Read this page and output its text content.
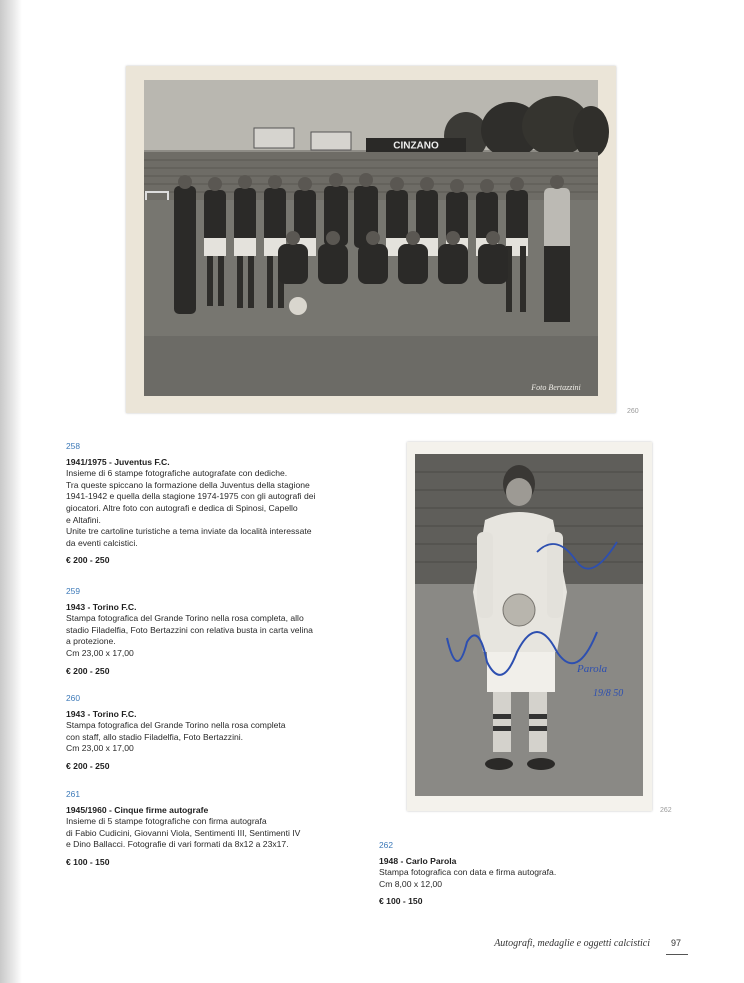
CINZANO
Foto Bertazzini
260
Parola
19/8 50
262
258
1941/1975 - Juventus F.C.
Insieme di 6 stampe fotografiche autografate con dediche.
Tra queste spiccano la formazione della Juventus della stagione
1941-1942 e quella della stagione 1974-1975 con gli autografi dei
giocatori. Altre foto con autografi e dedica di Spinosi, Capello
e Altafini.
Unite tre cartoline turistiche a tema inviate da località interessate
da eventi calcistici.
€ 200 - 250
259
1943 - Torino F.C.
Stampa fotografica del Grande Torino nella rosa completa, allo
stadio Filadelfia, Foto Bertazzini con relativa busta in carta velina
a protezione.
Cm 23,00 x 17,00
€ 200 - 250
260
1943 - Torino F.C.
Stampa fotografica del Grande Torino nella rosa completa
con staff, allo stadio Filadelfia, Foto Bertazzini.
Cm 23,00 x 17,00
€ 200 - 250
261
1945/1960 - Cinque firme autografe
Insieme di 5 stampe fotografiche con firma autografa
di Fabio Cudicini, Giovanni Viola, Sentimenti III, Sentimenti IV
e Dino Ballacci. Fotografie di vari formati da 8x12 a 23x17.
€ 100 - 150
262
1948 - Carlo Parola
Stampa fotografica con data e firma autografa.
Cm 8,00 x 12,00
€ 100 - 150
Autografi, medaglie e oggetti calcistici 97
